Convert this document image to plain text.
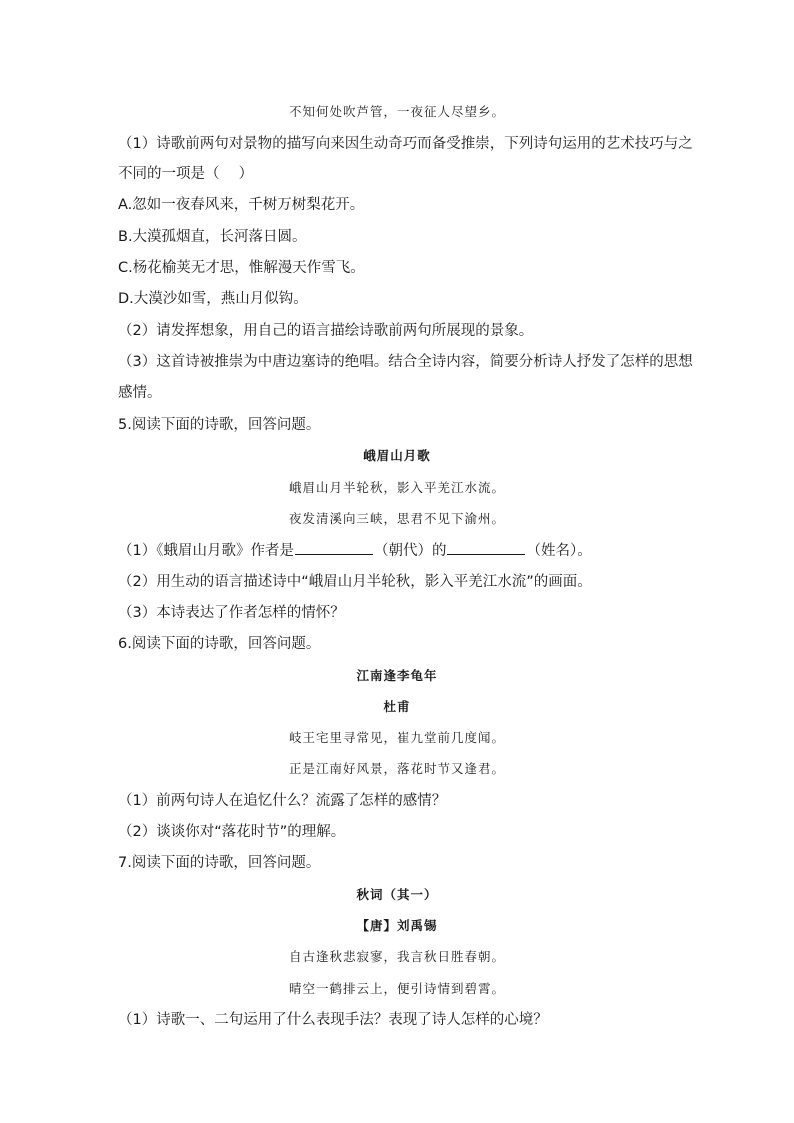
不知何处吹芦管，一夜征人尽望乡。
（1）诗歌前两句对景物的描写向来因生动奇巧而备受推崇，下列诗句运用的艺术技巧与之
不同的一项是（　 ）
A.忽如一夜春风来，千树万树梨花开。
B.大漠孤烟直，长河落日圆。
C.杨花榆荚无才思，惟解漫天作雪飞。
D.大漠沙如雪，燕山月似钩。
（2）请发挥想象，用自己的语言描绘诗歌前两句所展现的景象。
（3）这首诗被推崇为中唐边塞诗的绝唱。结合全诗内容，简要分析诗人抒发了怎样的思想
感情。
5.阅读下面的诗歌，回答问题。
峨眉山月歌
峨眉山月半轮秋，影入平羌江水流。
夜发清溪向三峡，思君不见下渝州。
（1）《蛾眉山月歌》作者是	（朝代）的	（姓名）。
（2）用生动的语言描述诗中“峨眉山月半轮秋，影入平羌江水流”的画面。
（3）本诗表达了作者怎样的情怀？
6.阅读下面的诗歌，回答问题。
江南逢李龟年
杜甫
岐王宅里寻常见，崔九堂前几度闻。
正是江南好风景，落花时节又逢君。
（1）前两句诗人在追忆什么？流露了怎样的感情？
（2）谈谈你对“落花时节”的理解。
7.阅读下面的诗歌，回答问题。
秋词（其一）
【唐】刘禹锡
自古逢秋悲寂寥，我言秋日胜春朝。
晴空一鹤排云上，便引诗情到碧霄。
（1）诗歌一、二句运用了什么表现手法？表现了诗人怎样的心境？
